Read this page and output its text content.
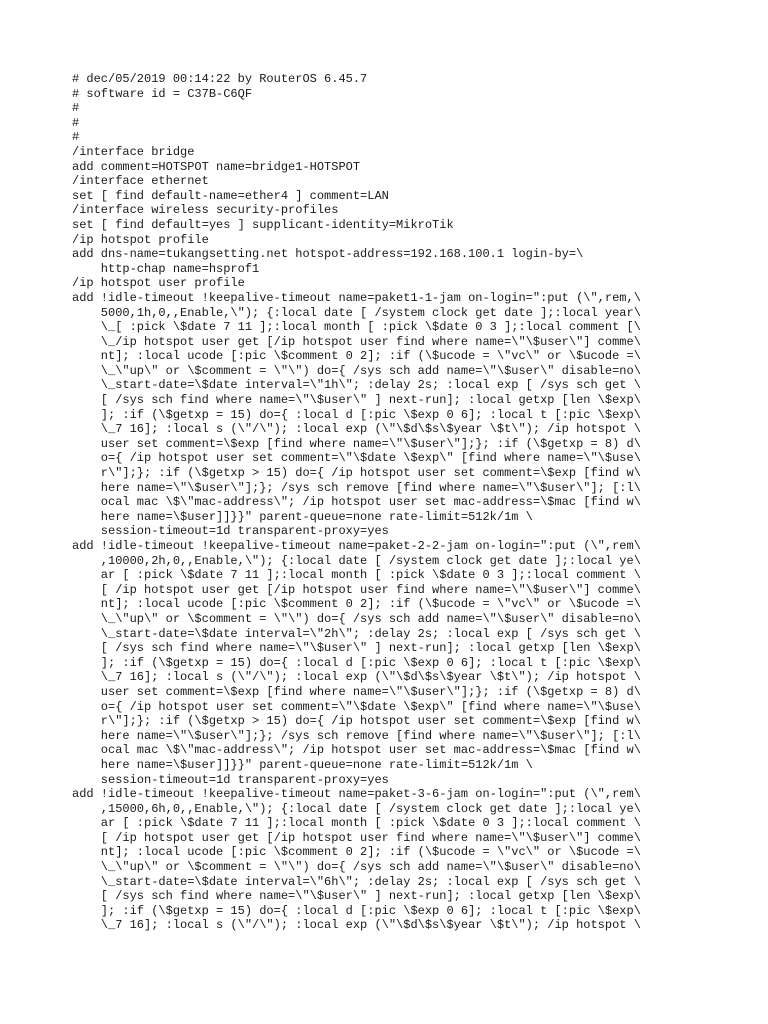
# dec/05/2019 00:14:22 by RouterOS 6.45.7
# software id = C37B-C6QF
#
#
#
/interface bridge
add comment=HOTSPOT name=bridge1-HOTSPOT
/interface ethernet
set [ find default-name=ether4 ] comment=LAN
/interface wireless security-profiles
set [ find default=yes ] supplicant-identity=MikroTik
/ip hotspot profile
add dns-name=tukangsetting.net hotspot-address=192.168.100.1 login-by=\
http-chap name=hsprof1
/ip hotspot user profile
add !idle-timeout !keepalive-timeout name=paket1-1-jam on-login=":put (\",rem,\
5000,1h,0,,Enable,\"); {:local date [ /system clock get date ];:local year\
\_[ :pick \$date 7 11 ];:local month [ :pick \$date 0 3 ];:local comment [\
\_/ip hotspot user get [/ip hotspot user find where name=\"\$user\"] comme\
nt]; :local ucode [:pic \$comment 0 2]; :if (\$ucode = \"vc\" or \$ucode =\
\_\"up\" or \$comment = \"\") do={ /sys sch add name=\"\$user\" disable=no\
\_start-date=\$date interval=\"1h\"; :delay 2s; :local exp [ /sys sch get \
[ /sys sch find where name=\"\$user\" ] next-run]; :local getxp [len \$exp\
]; :if (\$getxp = 15) do={ :local d [:pic \$exp 0 6]; :local t [:pic \$exp\
\_7 16]; :local s (\"/\"); :local exp (\"\$d\$s\$year \$t\"); /ip hotspot \
user set comment=\$exp [find where name=\"\$user\"];}; :if (\$getxp = 8) d\
o={ /ip hotspot user set comment=\"\$date \$exp\" [find where name=\"\$use\
r\"];}; :if (\$getxp > 15) do={ /ip hotspot user set comment=\$exp [find w\
here name=\"\$user\"];}; /sys sch remove [find where name=\"\$user\"]; [:l\
ocal mac \$\"mac-address\"; /ip hotspot user set mac-address=\$mac [find w\
here name=\$user]]}}" parent-queue=none rate-limit=512k/1m \
session-timeout=1d transparent-proxy=yes
add !idle-timeout !keepalive-timeout name=paket-2-2-jam on-login=":put (\",rem\
,10000,2h,0,,Enable,\"); {:local date [ /system clock get date ];:local ye\
ar [ :pick \$date 7 11 ];:local month [ :pick \$date 0 3 ];:local comment \
[ /ip hotspot user get [/ip hotspot user find where name=\"\$user\"] comme\
nt]; :local ucode [:pic \$comment 0 2]; :if (\$ucode = \"vc\" or \$ucode =\
\_\"up\" or \$comment = \"\") do={ /sys sch add name=\"\$user\" disable=no\
\_start-date=\$date interval=\"2h\"; :delay 2s; :local exp [ /sys sch get \
[ /sys sch find where name=\"\$user\" ] next-run]; :local getxp [len \$exp\
]; :if (\$getxp = 15) do={ :local d [:pic \$exp 0 6]; :local t [:pic \$exp\
\_7 16]; :local s (\"/\"); :local exp (\"\$d\$s\$year \$t\"); /ip hotspot \
user set comment=\$exp [find where name=\"\$user\"];}; :if (\$getxp = 8) d\
o={ /ip hotspot user set comment=\"\$date \$exp\" [find where name=\"\$use\
r\"];}; :if (\$getxp > 15) do={ /ip hotspot user set comment=\$exp [find w\
here name=\"\$user\"];}; /sys sch remove [find where name=\"\$user\"]; [:l\
ocal mac \$\"mac-address\"; /ip hotspot user set mac-address=\$mac [find w\
here name=\$user]]}}" parent-queue=none rate-limit=512k/1m \
session-timeout=1d transparent-proxy=yes
add !idle-timeout !keepalive-timeout name=paket-3-6-jam on-login=":put (\",rem\
,15000,6h,0,,Enable,\"); {:local date [ /system clock get date ];:local ye\
ar [ :pick \$date 7 11 ];:local month [ :pick \$date 0 3 ];:local comment \
[ /ip hotspot user get [/ip hotspot user find where name=\"\$user\"] comme\
nt]; :local ucode [:pic \$comment 0 2]; :if (\$ucode = \"vc\" or \$ucode =\
\_\"up\" or \$comment = \"\") do={ /sys sch add name=\"\$user\" disable=no\
\_start-date=\$date interval=\"6h\"; :delay 2s; :local exp [ /sys sch get \
[ /sys sch find where name=\"\$user\" ] next-run]; :local getxp [len \$exp\
]; :if (\$getxp = 15) do={ :local d [:pic \$exp 0 6]; :local t [:pic \$exp\
\_7 16]; :local s (\"/\"); :local exp (\"\$d\$s\$year \$t\"); /ip hotspot \
